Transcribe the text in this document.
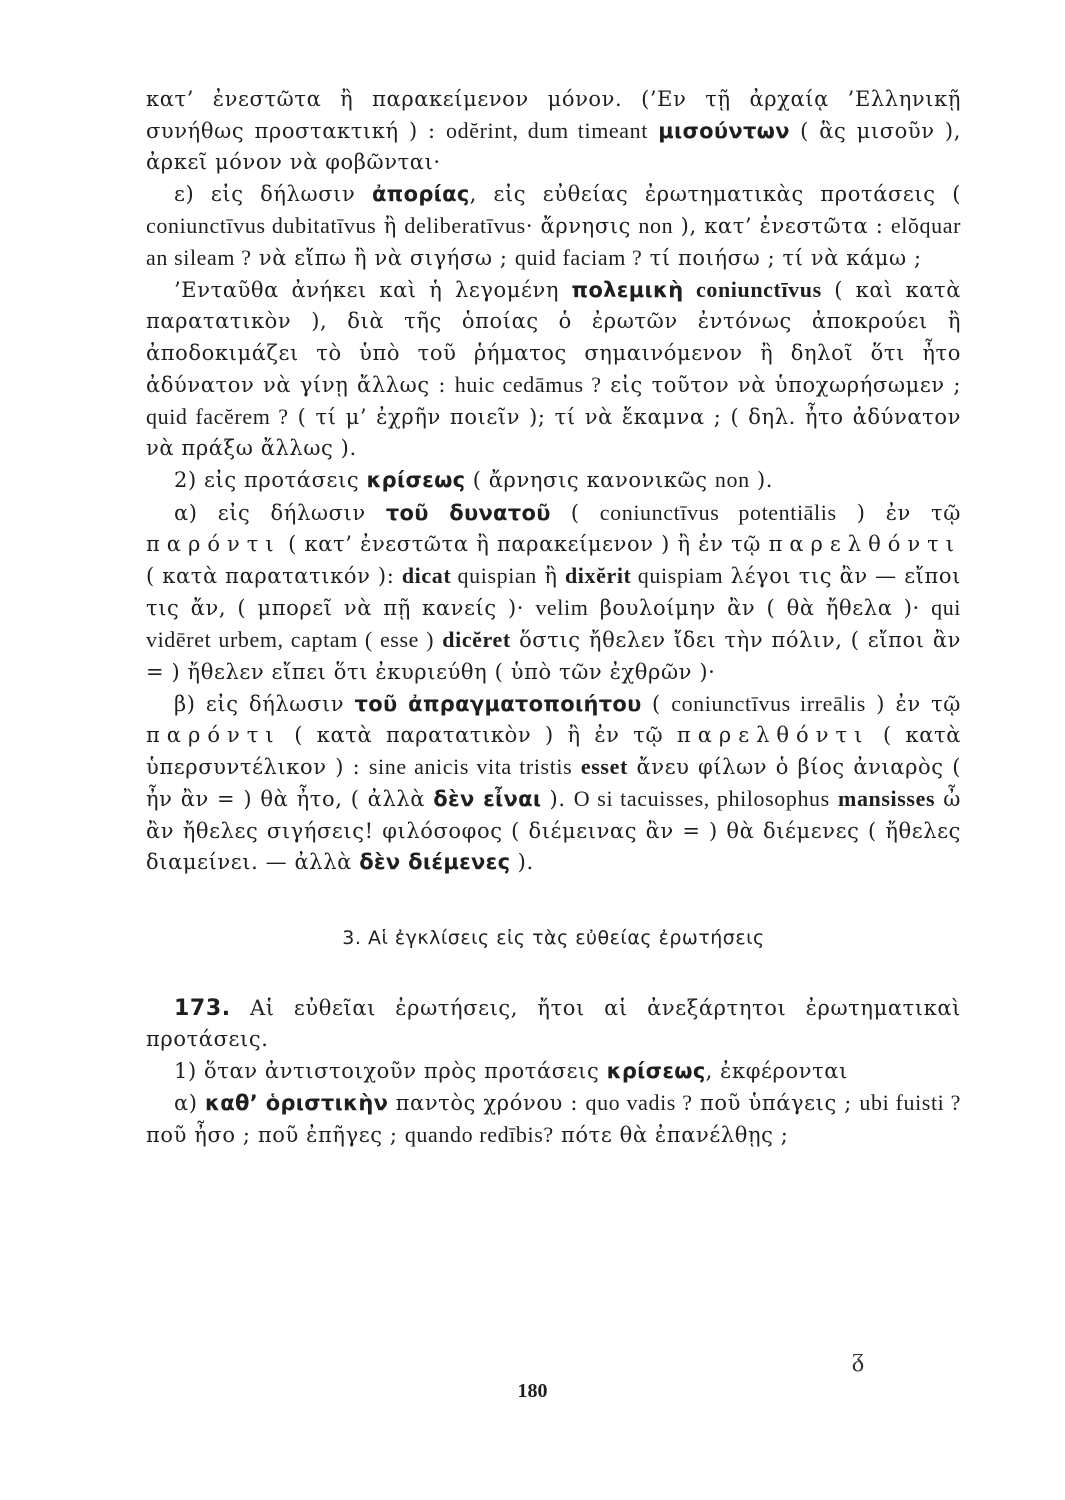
κατ’ ἐνεστῶτα ἢ παρακείμενον μόνον. (’Εν τῇ ἀρχαίᾳ ’Ελληνικῇ συνήθως προστακτική ) : odĕrint, dum timeant μισούντων ( ἃς μισοῦν ), ἀρκεῖ μόνον νὰ φοβῶνται·

ε) εἰς δήλωσιν ἀπορίας, εἰς εὐθείας ἐρωτηματικὰς προτάσεις ( coniunctīvus dubitatīvus ἢ deliberatīvus· ἄρνησις non ), κατ’ ἐνεστῶτα : elŏquar an sileam ? νὰ εἴπω ἢ νὰ σιγήσω ; quid faciam ? τί ποιήσω ; τί νὰ κάμω ;

’Ενταῦθα ἀνήκει καὶ ἡ λεγομένη πολεμικὴ coniunctīvus ( καὶ κατὰ παρατατικὸν ), διὰ τῆς ὁποίας ὁ ἐρωτῶν ἐντόνως ἀποκρούει ἢ ἀποδοκιμάζει τὸ ὑπὸ τοῦ ῥήματος σημαινόμενον ἢ δηλοῖ ὅτι ἦτο ἀδύνατον νὰ γίνῃ ἄλλως : huic cedāmus ? εἰς τοῦτον νὰ ὑποχωρήσωμεν ; quid facĕrem ? ( τί μ’ ἐχρῆν ποιεῖν ); τί νὰ ἔκαμνα ; ( δηλ. ἦτο ἀδύνατον νὰ πράξω ἄλλως ).

2) εἰς προτάσεις κρίσεως ( ἄρνησις κανονικῶς non ).

α) εἰς δήλωσιν τοῦ δυνατοῦ ( coniunctīvus potentiālis ) ἐν τῷ παρόντι ( κατ’ ἐνεστῶτα ἢ παρακείμενον ) ἢ ἐν τῷ παρελθόντι ( κατὰ παρατατικόν ): dicat quispian ἢ dixĕrit quispiam λέγοι τις ἂν — εἴποι τις ἄν, ( μπορεῖ νὰ πῇ κανείς )· velim βουλοίμην ἂν ( θὰ ἤθελα )· qui vidēret urbem, captam ( esse ) dicĕret ὅστις ἤθελεν ἴδει τὴν πόλιν, ( εἴποι ἂν = ) ἤθελεν εἴπει ὅτι ἐκυριεύθη ( ὑπὸ τῶν ἐχθρῶν )·

β) εἰς δήλωσιν τοῦ ἀπραγματοποιήτου ( coniunctīvus irreālis ) ἐν τῷ παρόντι ( κατὰ παρατατικὸν ) ἢ ἐν τῷ παρελθόντι ( κατὰ ὑπερσυντέλικον ) : sine anicis vita tristis esset ἄνευ φίλων ὁ βίος ἀνιαρὸς ( ἦν ἂν = ) θὰ ἦτο, ( ἀλλὰ δὲν εἶναι ). O si tacuisses, philosophus mansisses ὦ ἂν ἤθελες σιγήσεις! φιλόσοφος ( διέμεινας ἂν = ) θὰ διέμενες ( ἤθελες διαμείνει. — ἀλλὰ δὲν διέμενες ).

3. Αἱ ἐγκλίσεις εἰς τὰς εὐθείας ἐρωτήσεις

173. Αἱ εὐθεῖαι ἐρωτήσεις, ἤτοι αἱ ἀνεξάρτητοι ἐρωτηματικαὶ προτάσεις.

1) ὅταν ἀντιστοιχοῦν πρὸς προτάσεις κρίσεως, ἐκφέρονται

α) καθ’ ὁριστικὴν παντὸς χρόνου : quo vadis ? ποῦ ὑπάγεις ; ubi fuisti ? ποῦ ἦσο ; ποῦ ἐπῆγες ; quando redībis? πότε θὰ ἐπανέλθῃς ;

ᵹ
180
